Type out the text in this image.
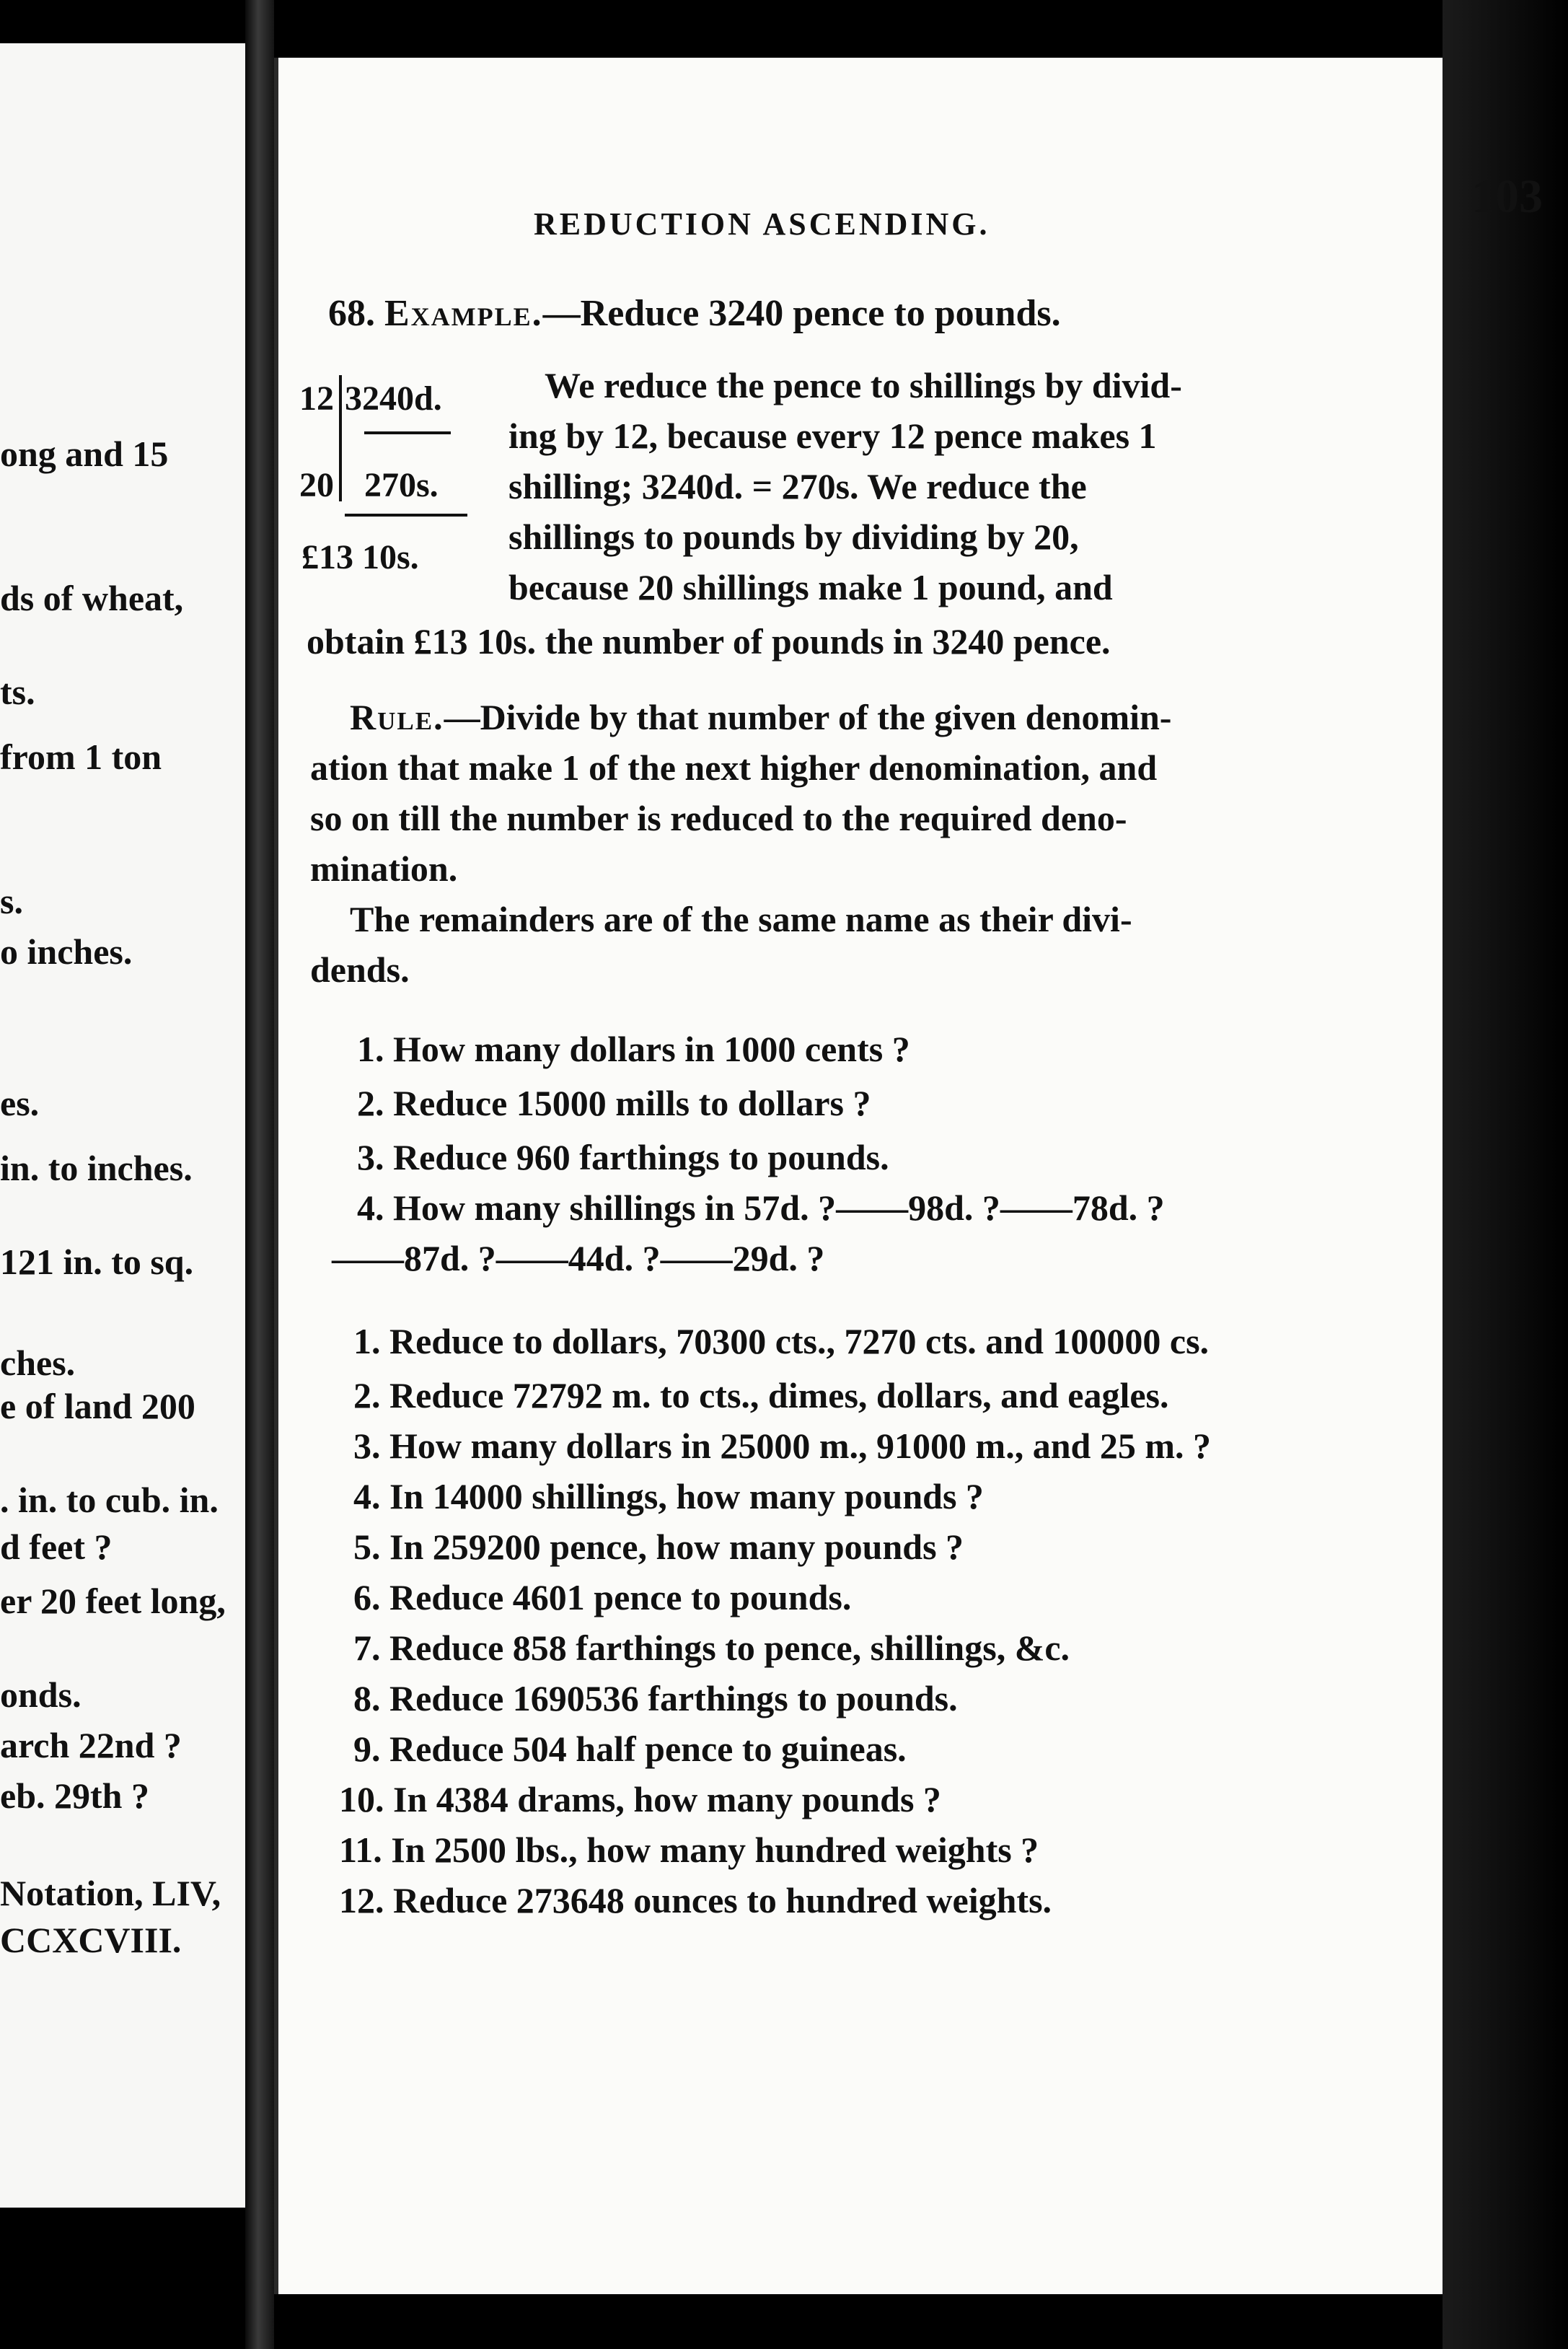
ong and 15
ds of wheat,
ts.
from 1 ton
s.
o inches.
es.
in. to inches.
121 in. to sq.
ches.
e of land 200
. in. to cub. in.
d feet ?
er 20 feet long,
onds.
arch 22nd ?
eb. 29th ?
Notation, LIV,
CCXCVIII.
REDUCTION ASCENDING.
103
68. Example.—Reduce 3240 pence to pounds.
12 3240d.
20 270s.
£13 10s.
We reduce the pence to shillings by divid-
ing by 12, because every 12 pence makes 1
shilling; 3240d. = 270s. We reduce the
shillings to pounds by dividing by 20,
because 20 shillings make 1 pound, and
obtain £13 10s. the number of pounds in 3240 pence.
Rule.—Divide by that number of the given denomin-
ation that make 1 of the next higher denomination, and
so on till the number is reduced to the required deno-
mination.
The remainders are of the same name as their divi-
dends.
1. How many dollars in 1000 cents ?
2. Reduce 15000 mills to dollars ?
3. Reduce 960 farthings to pounds.
4. How many shillings in 57d. ?——98d. ?——78d. ?
——87d. ?——44d. ?——29d. ?
1. Reduce to dollars, 70300 cts., 7270 cts. and 100000 cs.
2. Reduce 72792 m. to cts., dimes, dollars, and eagles.
3. How many dollars in 25000 m., 91000 m., and 25 m. ?
4. In 14000 shillings, how many pounds ?
5. In 259200 pence, how many pounds ?
6. Reduce 4601 pence to pounds.
7. Reduce 858 farthings to pence, shillings, &c.
8. Reduce 1690536 farthings to pounds.
9. Reduce 504 half pence to guineas.
10. In 4384 drams, how many pounds ?
11. In 2500 lbs., how many hundred weights ?
12. Reduce 273648 ounces to hundred weights.
